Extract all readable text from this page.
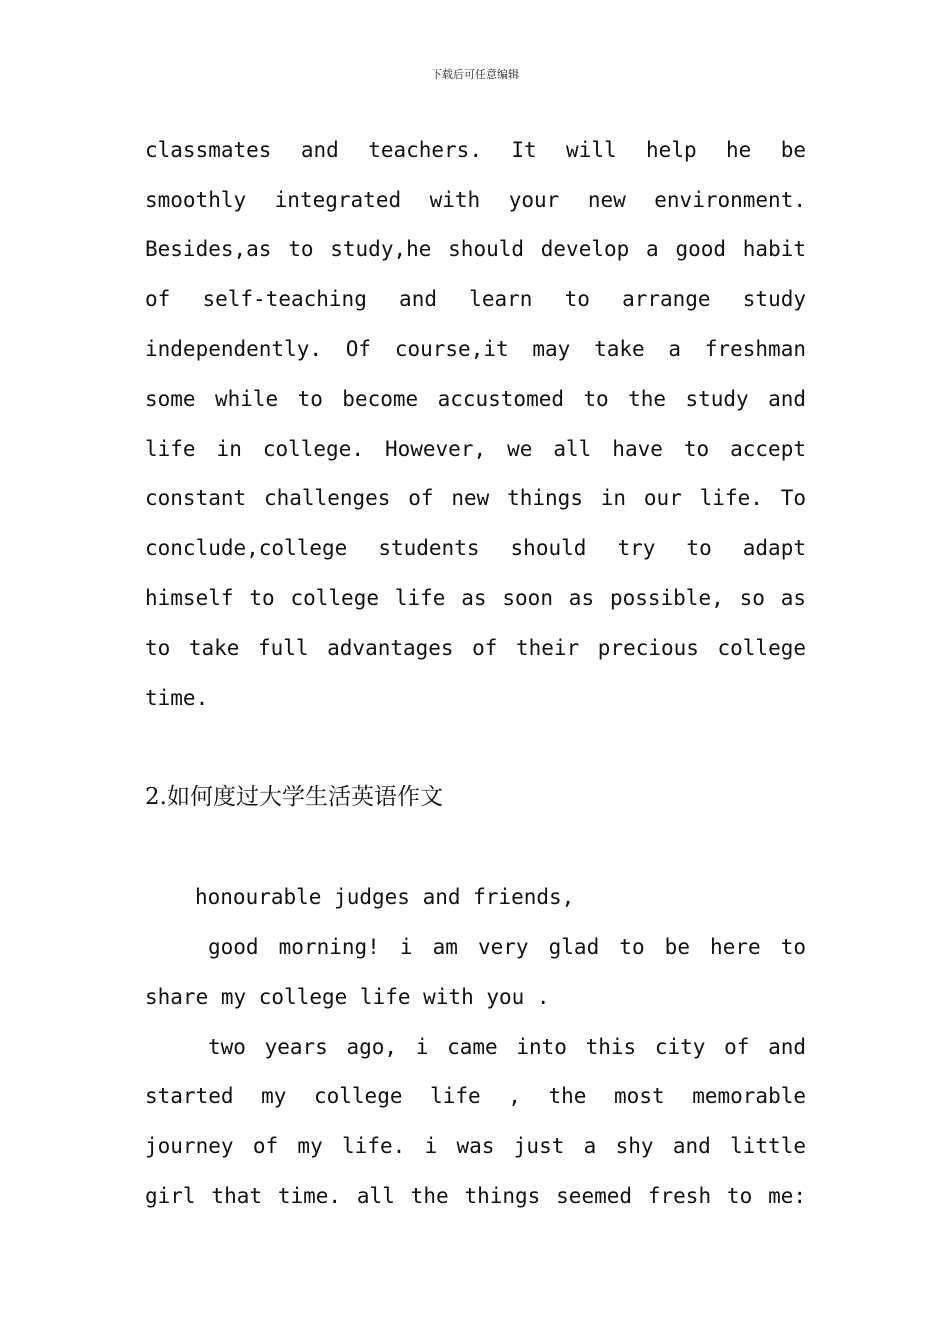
下载后可任意编辑
classmates and teachers. It will help he be
smoothly integrated with your new environment.
Besides,as to study,he should develop a good habit
of self-teaching and learn to arrange study
independently. Of course,it may take a freshman
some while to become accustomed to the study and
life in college. However, we all have to accept
constant challenges of new things in our life. To
conclude,college students should try to adapt
himself to college life as soon as possible, so as
to take full advantages of their precious college
time.
2.如何度过大学生活英语作文
honourable judges and friends,
good morning! i am very glad to be here to
share my college life with you .
two years ago, i came into this city of and
started my college life , the most memorable
journey of my life. i was just a shy and little
girl that time. all the things seemed fresh to me:
